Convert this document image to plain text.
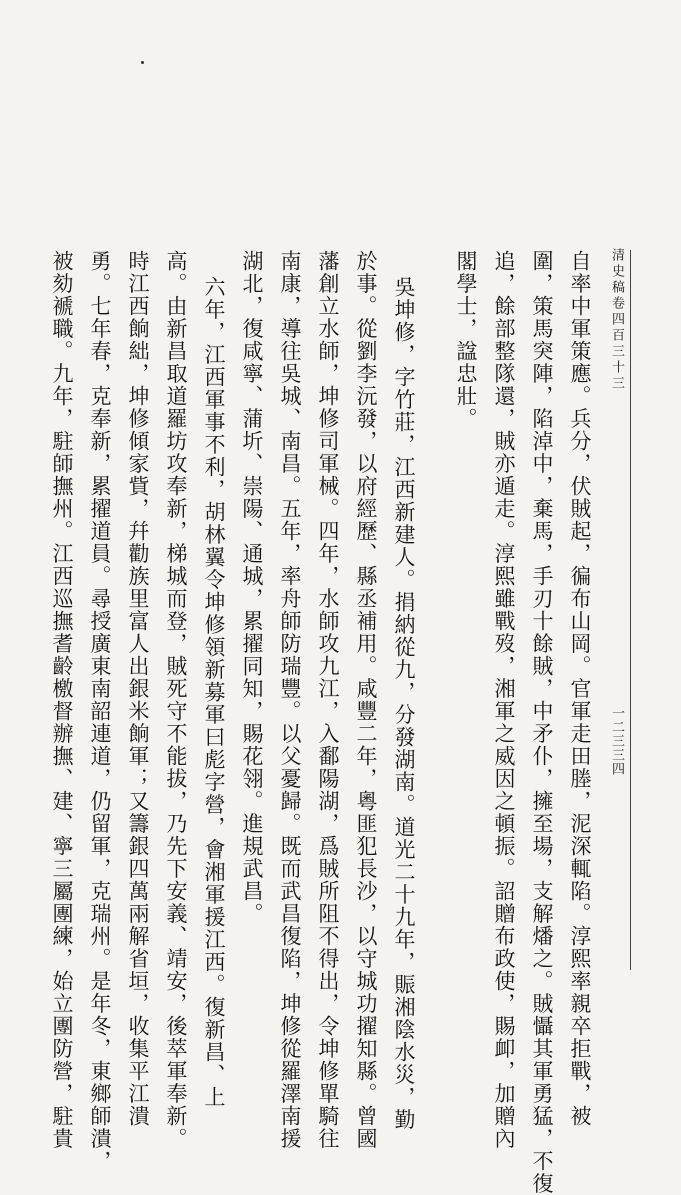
清史稿卷四百三十三
一二三三四
自率中軍策應。兵分，伏賊起，徧布山岡。官軍走田塍，泥深輒陷。淳熙率親卒拒戰，被
圍，策馬突陣，陷淖中，棄馬，手刃十餘賊，中矛仆，擁至場，支解燔之。賊懾其軍勇猛，不復
追，餘部整隊還，賊亦遁走。淳熙雖戰歿，湘軍之威因之頓振。詔贈布政使，賜卹，加贈內
閣學士，諡忠壯。
吳坤修，字竹莊，江西新建人。捐納從九，分發湖南。道光二十九年，賑湘陰水災，勤
於事。從劉李沅發，以府經歷、縣丞補用。咸豐二年，粵匪犯長沙，以守城功擢知縣。曾國
藩創立水師，坤修司軍械。四年，水師攻九江，入鄱陽湖，爲賊所阻不得出，令坤修單騎往
南康，導往吳城、南昌。五年，率舟師防瑞豐。以父憂歸。既而武昌復陷，坤修從羅澤南援
湖北，復咸寧、蒲圻、崇陽、通城，累擢同知，賜花翎。進規武昌。
六年，江西軍事不利，胡林翼令坤修領新募軍曰彪字營，會湘軍援江西。復新昌、上
高。由新昌取道羅坊攻奉新，梯城而登，賊死守不能拔，乃先下安義、靖安，後萃軍奉新。
時江西餉絀，坤修傾家貲，幷勸族里富人出銀米餉軍；又籌銀四萬兩解省垣，收集平江潰
勇。七年春，克奉新，累擢道員。尋授廣東南韶連道，仍留軍，克瑞州。是年冬，東鄉師潰，
被劾褫職。九年，駐師撫州。江西巡撫耆齡檄督辦撫、建、寧三屬團練，始立團防營，駐貴
